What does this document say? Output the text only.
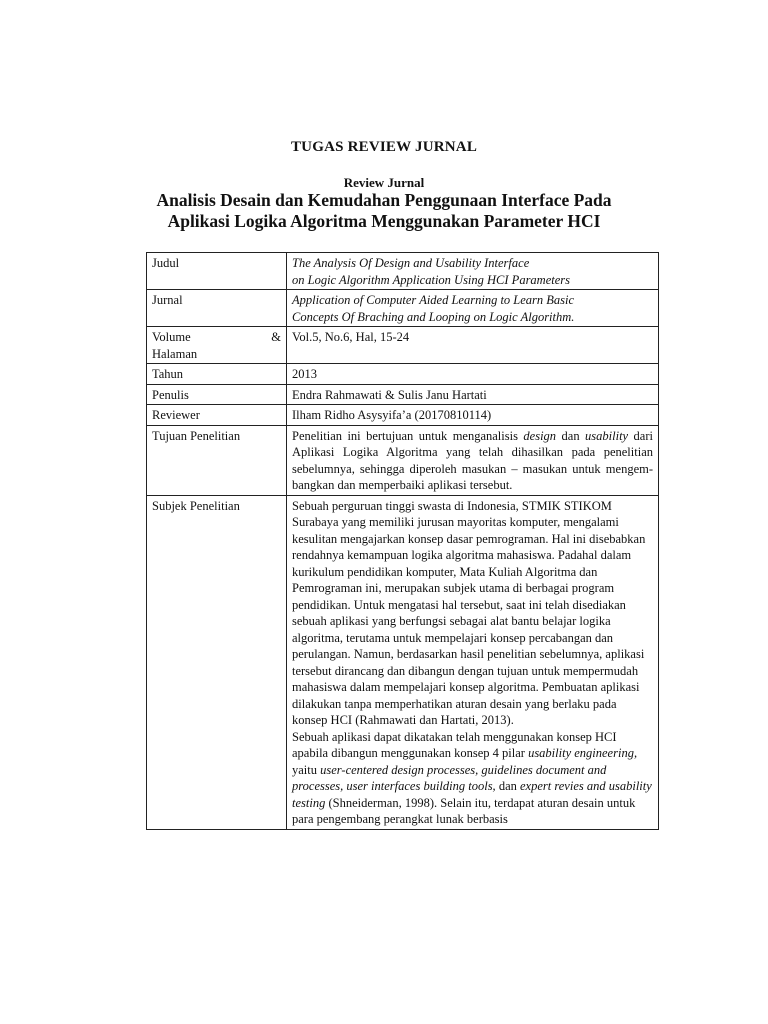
TUGAS REVIEW JURNAL
Review Jurnal
Analisis Desain dan Kemudahan Penggunaan Interface Pada
Aplikasi Logika Algoritma Menggunakan Parameter HCI
Judul	The Analysis Of Design and Usability Interface
on Logic Algorithm Application Using HCI Parameters

Jurnal	Application of Computer Aided Learning to Learn Basic
Concepts Of Braching and Looping on Logic Algorithm.

Volume &
Halaman	Vol.5, No.6, Hal, 15-24
Tahun	2013
Penulis	Endra Rahmawati & Sulis Janu Hartati
Reviewer	Ilham Ridho Asysyifa’a (20170810114)
Tujuan Penelitian	Penelitian ini bertujuan untuk menganalisis design dan usability dari Aplikasi Logika Algoritma yang telah dihasilkan pada penelitian sebelumnya, sehingga diperoleh masukan – masukan untuk mengem-bangkan dan memperbaiki aplikasi tersebut.
Subjek Penelitian	Sebuah perguruan tinggi swasta di Indonesia, STMIK STIKOM Surabaya yang memiliki jurusan mayoritas komputer, mengalami kesulitan mengajarkan konsep dasar pemrograman. Hal ini disebabkan rendahnya kemampuan logika algoritma mahasiswa. Padahal dalam kurikulum pendidikan komputer, Mata Kuliah Algoritma dan Pemrograman ini, merupakan subjek utama di berbagai program pendidikan. Untuk mengatasi hal tersebut, saat ini telah disediakan sebuah aplikasi yang berfungsi sebagai alat bantu belajar logika algoritma, terutama untuk mempelajari konsep percabangan dan perulangan. Namun, berdasarkan hasil penelitian sebelumnya, aplikasi tersebut dirancang dan dibangun dengan tujuan untuk mempermudah mahasiswa dalam mempelajari konsep algoritma. Pembuatan aplikasi dilakukan tanpa memperhatikan aturan desain yang berlaku pada konsep HCI (Rahmawati dan Hartati, 2013).
Sebuah aplikasi dapat dikatakan telah menggunakan konsep HCI apabila dibangun menggunakan konsep 4 pilar usability engineering, yaitu user-centered design processes, guidelines document and processes, user interfaces building tools, dan expert revies and usability testing (Shneiderman, 1998). Selain itu, terdapat aturan desain untuk para pengembang perangkat lunak berbasis
